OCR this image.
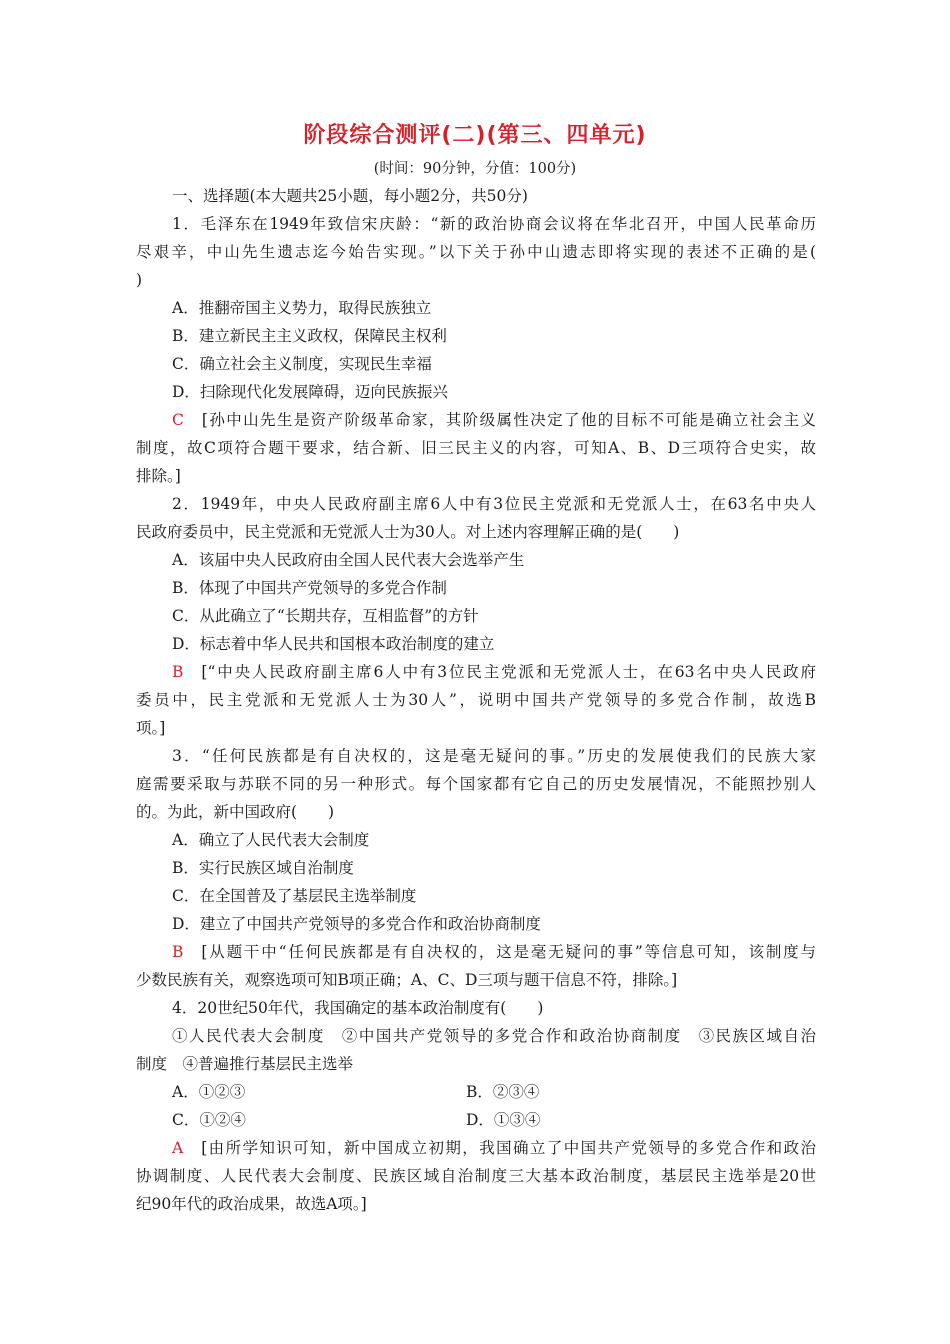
阶段综合测评(二)(第三、四单元)
(时间：90分钟，分值：100分)
一、选择题(本大题共25小题，每小题2分，共50分)
1．毛泽东在1949年致信宋庆龄：“新的政治协商会议将在华北召开，中国人民革命历
尽艰辛，中山先生遗志迄今始告实现。”以下关于孙中山遗志即将实现的表述不正确的是(
)
A．推翻帝国主义势力，取得民族独立
B．建立新民主主义政权，保障民主权利
C．确立社会主义制度，实现民生幸福
D．扫除现代化发展障碍，迈向民族振兴
C [孙中山先生是资产阶级革命家，其阶级属性决定了他的目标不可能是确立社会主义
制度，故C项符合题干要求，结合新、旧三民主义的内容，可知A、B、D三项符合史实，故
排除。]
2．1949年，中央人民政府副主席6人中有3位民主党派和无党派人士，在63名中央人
民政府委员中，民主党派和无党派人士为30人。对上述内容理解正确的是(　　)
A．该届中央人民政府由全国人民代表大会选举产生
B．体现了中国共产党领导的多党合作制
C．从此确立了“长期共存，互相监督”的方针
D．标志着中华人民共和国根本政治制度的建立
B [“中央人民政府副主席6人中有3位民主党派和无党派人士，在63名中央人民政府
委员中，民主党派和无党派人士为30人”，说明中国共产党领导的多党合作制，故选B
项。]
3．“任何民族都是有自决权的，这是毫无疑问的事。”历史的发展使我们的民族大家
庭需要采取与苏联不同的另一种形式。每个国家都有它自己的历史发展情况，不能照抄别人
的。为此，新中国政府(　　)
A．确立了人民代表大会制度
B．实行民族区域自治制度
C．在全国普及了基层民主选举制度
D．建立了中国共产党领导的多党合作和政治协商制度
B [从题干中“任何民族都是有自决权的，这是毫无疑问的事”等信息可知，该制度与
少数民族有关，观察选项可知B项正确；A、C、D三项与题干信息不符，排除。]
4．20世纪50年代，我国确定的基本政治制度有(　　)
①人民代表大会制度　②中国共产党领导的多党合作和政治协商制度　③民族区域自治
制度　④普遍推行基层民主选举
A．①②③	B．②③④
C．①②④	D．①③④
A [由所学知识可知，新中国成立初期，我国确立了中国共产党领导的多党合作和政治
协调制度、人民代表大会制度、民族区域自治制度三大基本政治制度，基层民主选举是20世
纪90年代的政治成果，故选A项。]
